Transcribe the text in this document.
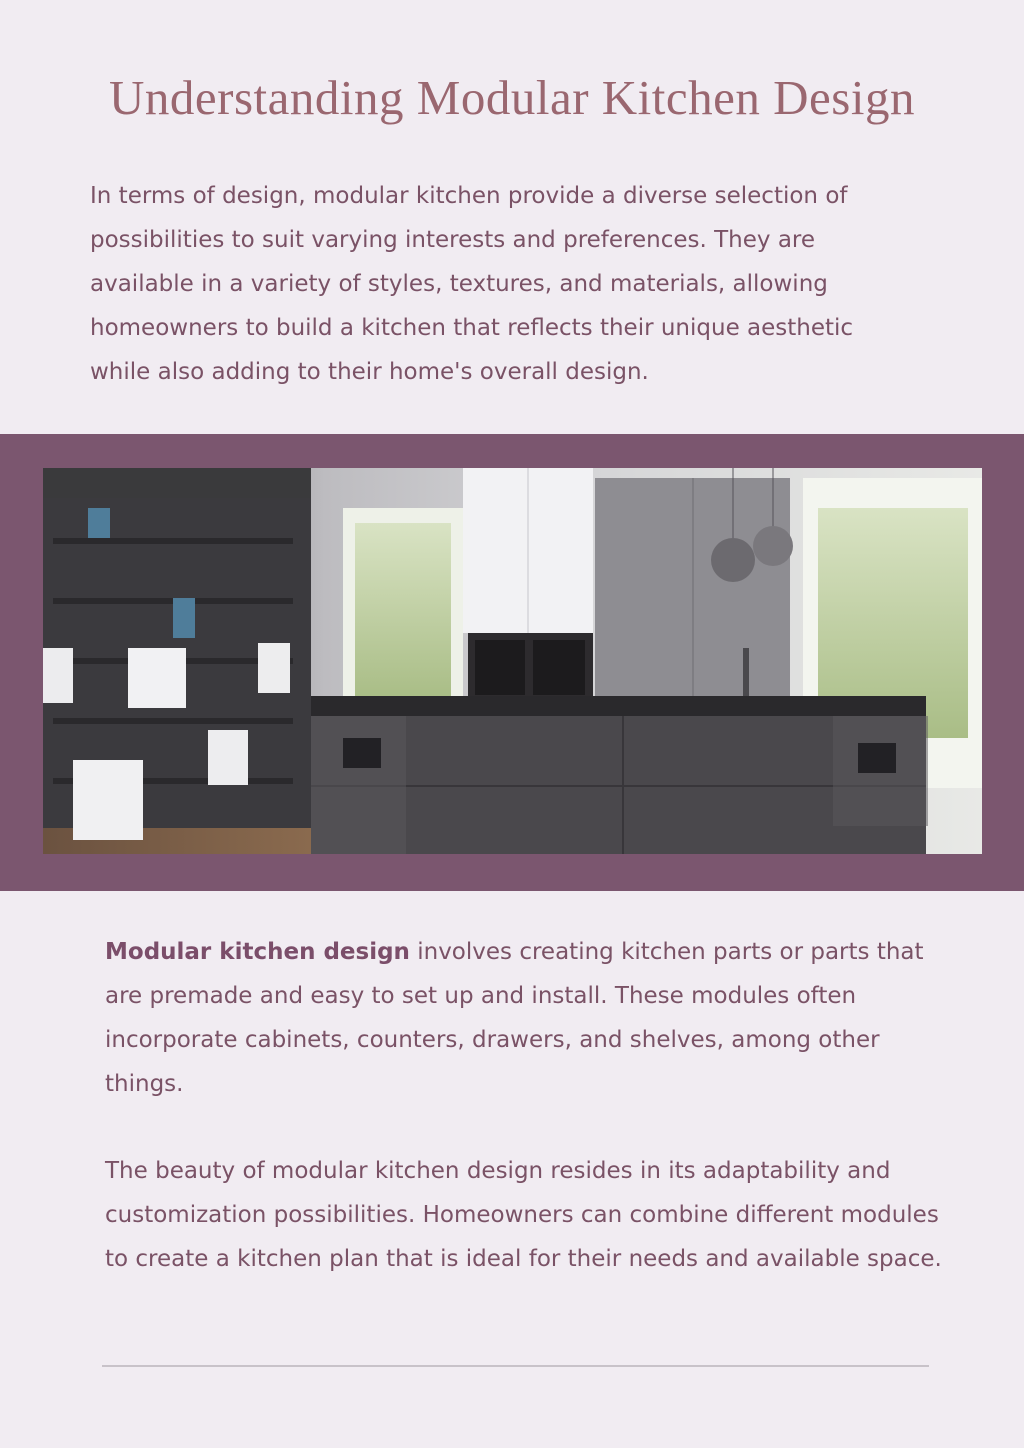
Understanding Modular Kitchen Design

In terms of design, modular kitchen provide a diverse selection of possibilities to suit varying interests and preferences. They are available in a variety of styles, textures, and materials, allowing homeowners to build a kitchen that reflects their unique aesthetic while also adding to their home's overall design.

Modular kitchen design involves creating kitchen parts or parts that are premade and easy to set up and install. These modules often incorporate cabinets, counters, drawers, and shelves, among other things.

The beauty of modular kitchen design resides in its adaptability and customization possibilities. Homeowners can combine different modules to create a kitchen plan that is ideal for their needs and available space.
